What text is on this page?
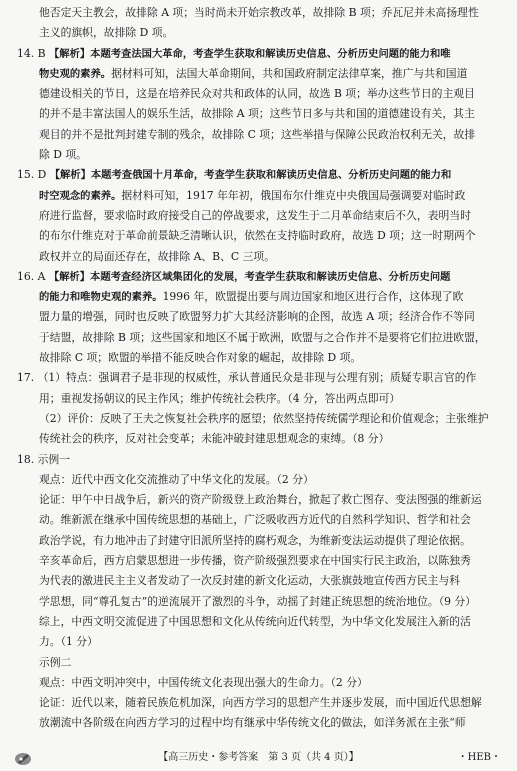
他否定天主教会，故排除 A 项；当时尚未开始宗教改革，故排除 B 项；乔瓦尼并未高扬理性

主义的旗帜，故排除 D 项。

14. B 【解析】本题考查法国大革命，考查学生获取和解读历史信息、分析历史问题的能力和唯

物史观的素养。据材料可知，法国大革命期间，共和国政府制定法律草案，推广与共和国道

德建设相关的节日，这是在培养民众对共和政体的认同，故选 B 项；举办这些节日的主观目

的并不是丰富法国人的娱乐生活，故排除 A 项；这些节日多与共和国的道德建设有关，其主

观目的并不是批判封建专制的残余，故排除 C 项；这些举措与保障公民政治权利无关，故排

除 D 项。

15. D 【解析】本题考查俄国十月革命，考查学生获取和解读历史信息、分析历史问题的能力和

时空观念的素养。据材料可知，1917 年年初，俄国布尔什维克中央俄国局强调要对临时政

府进行监督，要求临时政府接受自己的停战要求，这发生于二月革命结束后不久，表明当时

的布尔什维克对于革命前景缺乏清晰认识，依然在支持临时政府，故选 D 项；这一时期两个

政权并立的局面还存在，故排除 A、B、C 三项。

16. A 【解析】本题考查经济区域集团化的发展，考查学生获取和解读历史信息、分析历史问题

的能力和唯物史观的素养。1996 年，欧盟提出要与周边国家和地区进行合作，这体现了欧

盟力量的增强，同时也反映了欧盟努力扩大其经济影响的企图，故选 A 项；经济合作不等同

于结盟，故排除 B 项；这些国家和地区不属于欧洲，欧盟与之合作并不是要将它们拉进欧盟，

故排除 C 项；欧盟的举措不能反映合作对象的崛起，故排除 D 项。

17. （1）特点：强调君子是非现的权威性，承认普通民众是非现与公理有别；质疑专职言官的作

用；重视发扬朝议的民主作风；维护传统社会秩序。（4 分，答出两点即可）

（2）评价：反映了王夫之恢复社会秩序的愿望；依然坚持传统儒学理论和价值观念；主张维护

传统社会的秩序，反对社会变革；未能冲破封建思想观念的束缚。（8 分）

18. 示例一

观点：近代中西文化交流推动了中华文化的发展。（2 分）

论证：甲午中日战争后，新兴的资产阶级登上政治舞台，掀起了救亡图存、变法图强的维新运

动。维新派在继承中国传统思想的基础上，广泛吸收西方近代的自然科学知识、哲学和社会

政治学说，有力地冲击了封建守旧派所坚持的腐朽观念，为维新变法运动提供了理论依据。

辛亥革命后，西方启蒙思想进一步传播，资产阶级强烈要求在中国实行民主政治，以陈独秀

为代表的激进民主主义者发动了一次反封建的新文化运动，大张旗鼓地宣传西方民主与科

学思想，同“尊孔复古”的逆流展开了激烈的斗争，动摇了封建正统思想的统治地位。（9 分）

综上，中西文明交流促进了中国思想和文化从传统向近代转型，为中华文化发展注入新的活

力。（1 分）

示例二

观点：中西文明冲突中，中国传统文化表现出强大的生命力。（2 分）

论证：近代以来，随着民族危机加深，向西方学习的思想产生并逐步发展，而中国近代思想解

放潮流中各阶级在向西方学习的过程中均有继承中华传统文化的做法，如洋务派在主张“师

【高三历史・参考答案　第 3 页（共 4 页）】	・HEB・
